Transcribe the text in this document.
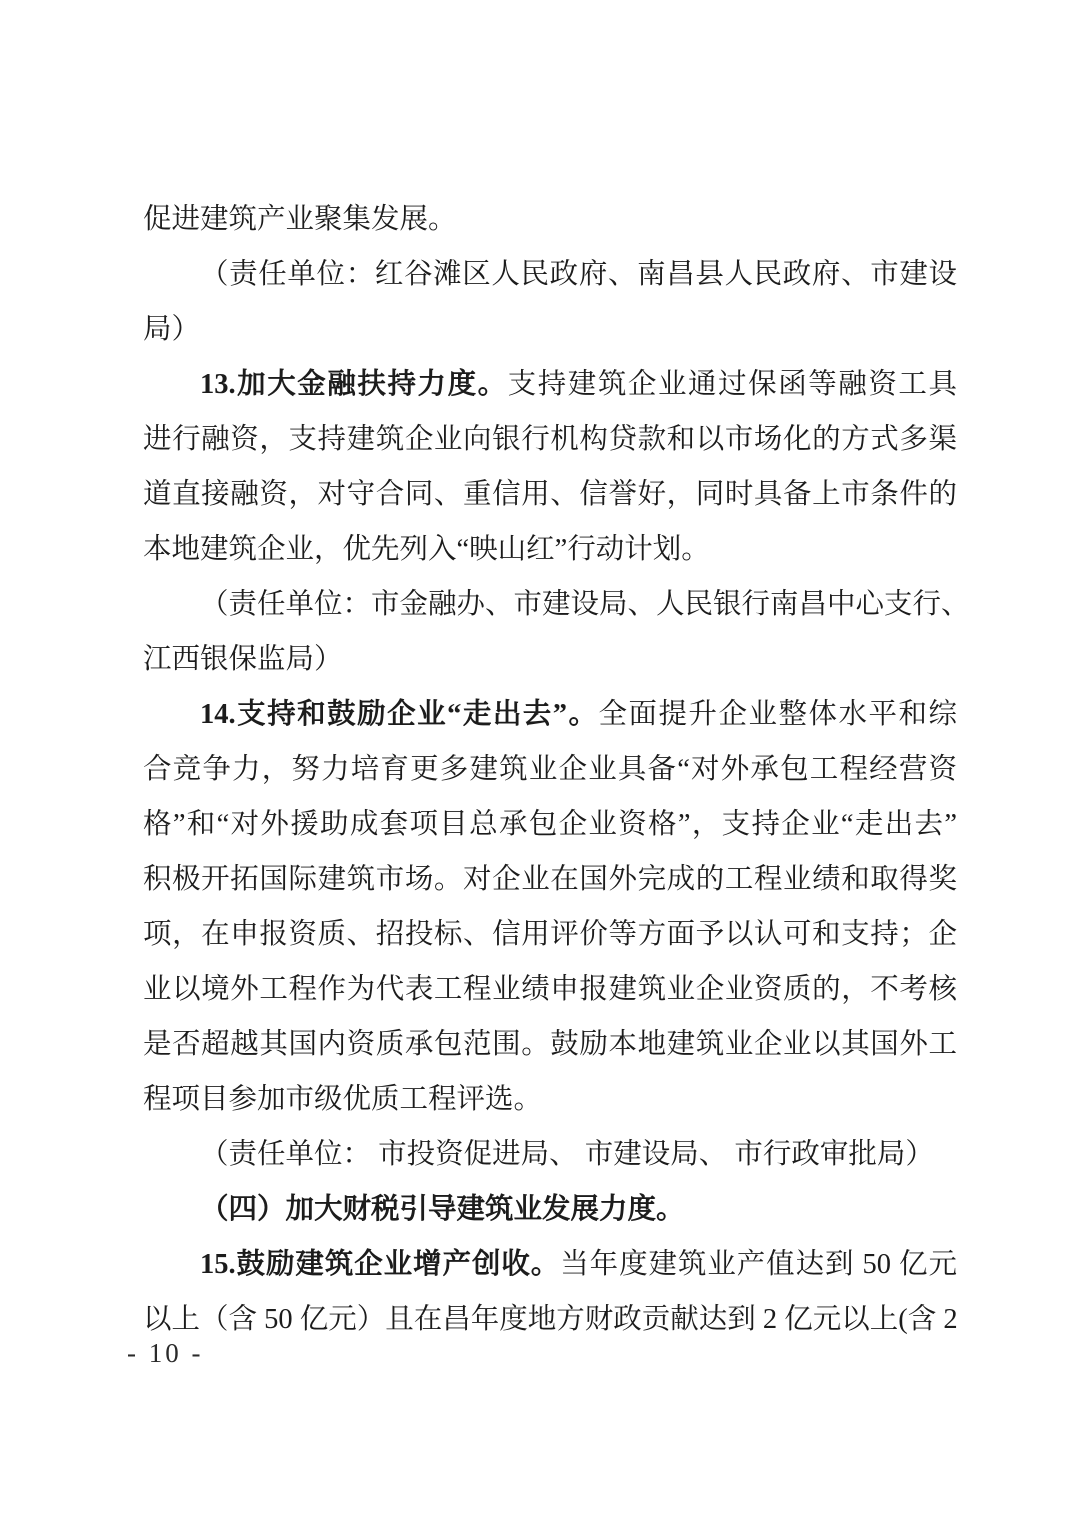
促进建筑产业聚集发展。
（责任单位：红谷滩区人民政府、南昌县人民政府、市建设
局）
13.加大金融扶持力度。支持建筑企业通过保函等融资工具
进行融资，支持建筑企业向银行机构贷款和以市场化的方式多渠
道直接融资，对守合同、重信用、信誉好，同时具备上市条件的
本地建筑企业，优先列入“映山红”行动计划。
（责任单位：市金融办、市建设局、人民银行南昌中心支行、
江西银保监局）
14.支持和鼓励企业“走出去”。全面提升企业整体水平和综
合竞争力，努力培育更多建筑业企业具备“对外承包工程经营资
格”和“对外援助成套项目总承包企业资格”，支持企业“走出去”
积极开拓国际建筑市场。对企业在国外完成的工程业绩和取得奖
项，在申报资质、招投标、信用评价等方面予以认可和支持；企
业以境外工程作为代表工程业绩申报建筑业企业资质的，不考核
是否超越其国内资质承包范围。鼓励本地建筑业企业以其国外工
程项目参加市级优质工程评选。
（责任单位： 市投资促进局、 市建设局、 市行政审批局）
（四）加大财税引导建筑业发展力度。
15.鼓励建筑企业增产创收。当年度建筑业产值达到 50 亿元
以上（含 50 亿元）且在昌年度地方财政贡献达到 2 亿元以上(含 2
- 10 -
